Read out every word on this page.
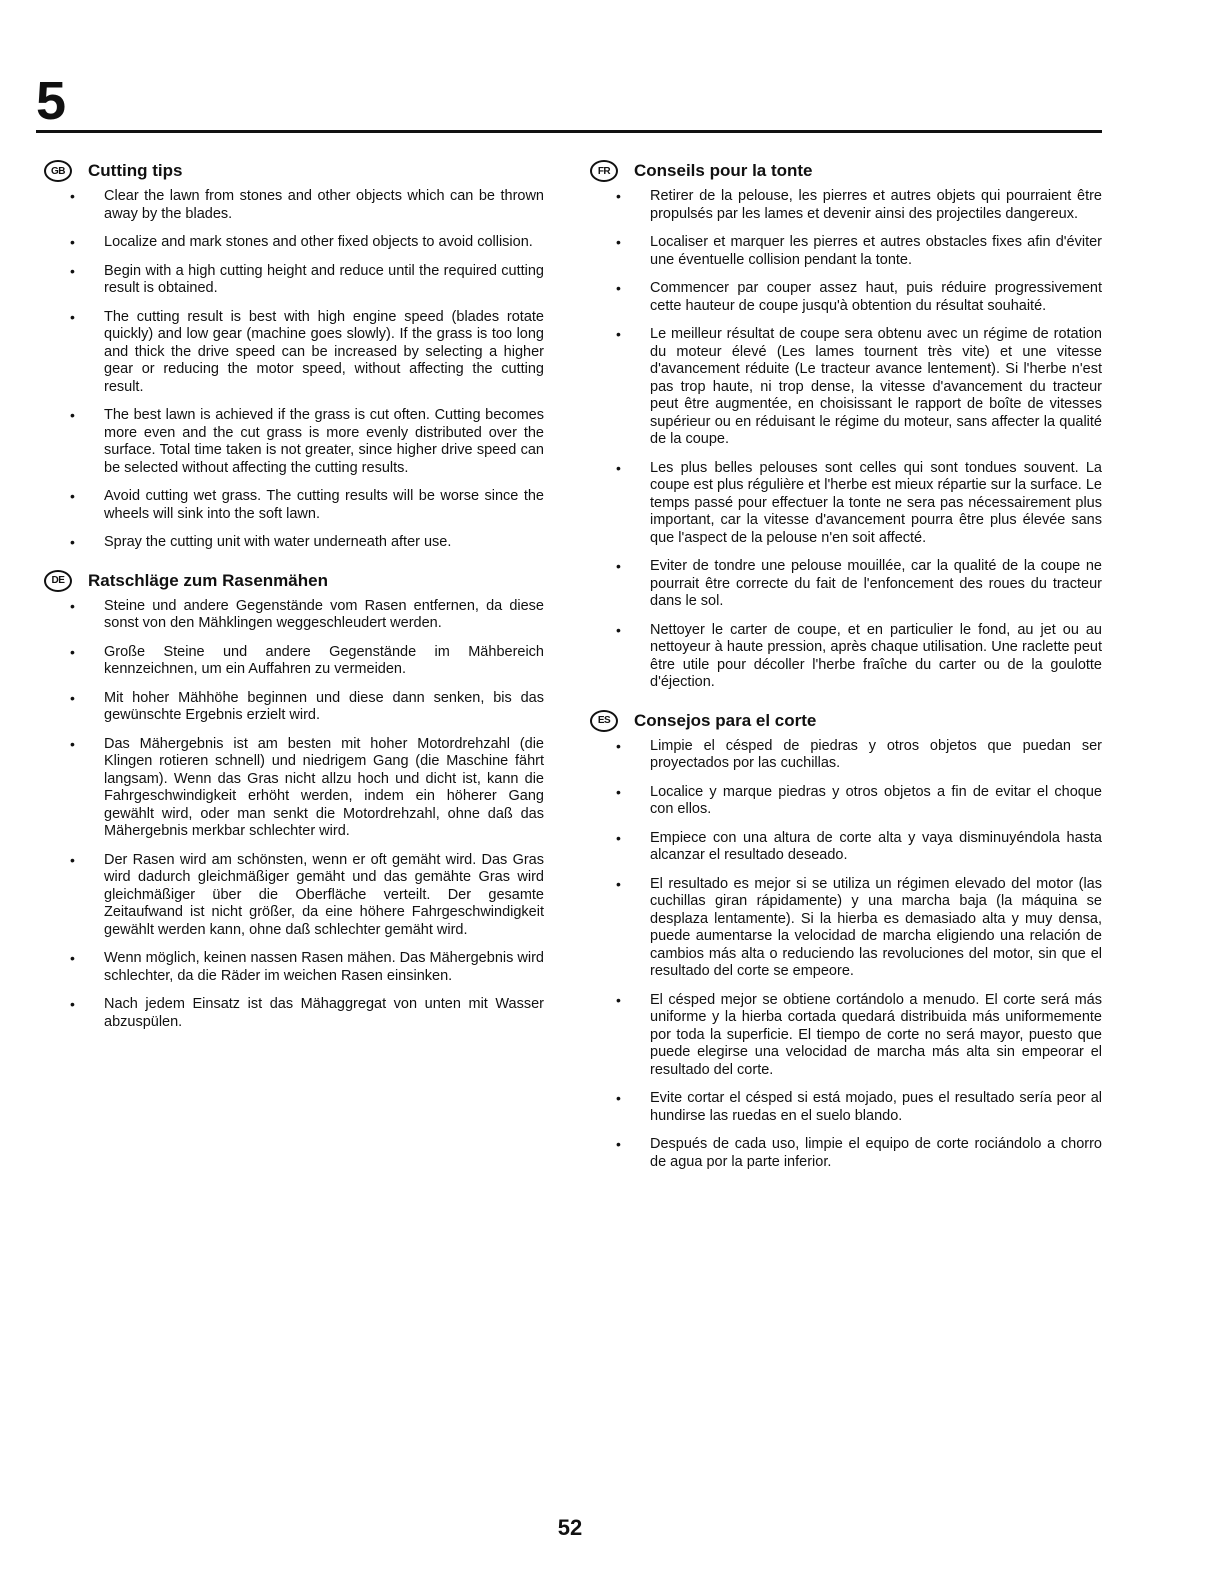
5
GB	Cutting tips
• Clear the lawn from stones and other objects which can be thrown away by the blades.
• Localize and mark stones and other fixed objects to avoid collision.
• Begin with a high cutting height and reduce until the required cutting result is obtained.
• The cutting result is best with high engine speed (blades rotate quickly) and low gear (machine goes slowly). If the grass is too long and thick the drive speed can be increased by selecting a higher gear or reducing the motor speed, without affecting the cutting result.
• The best lawn is achieved if the grass is cut often. Cutting becomes more even and the cut grass is more evenly distributed over the surface. Total time taken is not greater, since higher drive speed can be selected without affecting the cutting results.
• Avoid cutting wet grass. The cutting results will be worse since the wheels will sink into the soft lawn.
• Spray the cutting unit with water underneath after use.
DE	Ratschläge zum Rasenmähen
• Steine und andere Gegenstände vom Rasen entfernen, da diese sonst von den Mähklingen weggeschleudert werden.
• Große Steine und andere Gegenstände im Mähbereich kennzeichnen, um ein Auffahren zu vermeiden.
• Mit hoher Mähhöhe beginnen und diese dann senken, bis das gewünschte Ergebnis erzielt wird.
• Das Mähergebnis ist am besten mit hoher Motordrehzahl (die Klingen rotieren schnell) und niedrigem Gang (die Maschine fährt langsam). Wenn das Gras nicht allzu hoch und dicht ist, kann die Fahrgeschwindigkeit erhöht werden, indem ein höherer Gang gewählt wird, oder man senkt die Motordrehzahl, ohne daß das Mähergebnis merkbar schlechter wird.
• Der Rasen wird am schönsten, wenn er oft gemäht wird. Das Gras wird dadurch gleichmäßiger gemäht und das gemähte Gras wird gleichmäßiger über die Oberfläche verteilt. Der gesamte Zeitaufwand ist nicht größer, da eine höhere Fahrgeschwindigkeit gewählt werden kann, ohne daß schlechter gemäht wird.
• Wenn möglich, keinen nassen Rasen mähen. Das Mähergebnis wird schlechter, da die Räder im weichen Rasen einsinken.
• Nach jedem Einsatz ist das Mähaggregat von unten mit Wasser abzuspülen.
FR	Conseils pour la tonte
• Retirer de la pelouse, les pierres et autres objets qui pourraient être propulsés par les lames et devenir ainsi des projectiles dangereux.
• Localiser et marquer les pierres et autres obstacles fixes afin d'éviter une éventuelle collision pendant la tonte.
• Commencer par couper assez haut, puis réduire progressivement cette hauteur de coupe jusqu'à obtention du résultat souhaité.
• Le meilleur résultat de coupe sera obtenu avec un régime de rotation du moteur élevé (Les lames tournent très vite) et une vitesse d'avancement réduite (Le tracteur avance lentement). Si l'herbe n'est pas trop haute, ni trop dense, la vitesse d'avancement du tracteur peut être augmentée, en choisissant le rapport de boîte de vitesses supérieur ou en réduisant le régime du moteur, sans affecter la qualité de la coupe.
• Les plus belles pelouses sont celles qui sont tondues souvent. La coupe est plus régulière et l'herbe est mieux répartie sur la surface. Le temps passé pour effectuer la tonte ne sera pas nécessairement plus important, car la vitesse d'avancement pourra être plus élevée sans que l'aspect de la pelouse n'en soit affecté.
• Eviter de tondre une pelouse mouillée, car la qualité de la coupe ne pourrait être correcte du fait de l'enfoncement des roues du tracteur dans le sol.
• Nettoyer le carter de coupe, et en particulier le fond, au jet ou au nettoyeur à haute pression, après chaque utilisation. Une raclette peut être utile pour décoller l'herbe fraîche du carter ou de la goulotte d'éjection.
ES	Consejos para el corte
• Limpie el césped de piedras y otros objetos que puedan ser proyectados por las cuchillas.
• Localice y marque piedras y otros objetos a fin de evitar el choque con ellos.
• Empiece con una altura de corte alta y vaya disminuyéndola hasta alcanzar el resultado deseado.
• El resultado es mejor si se utiliza un régimen elevado del motor (las cuchillas giran rápidamente) y una marcha baja (la máquina se desplaza lentamente). Si la hierba es demasiado alta y muy densa, puede aumentarse la velocidad de marcha eligiendo una relación de cambios más alta o reduciendo las revoluciones del motor, sin que el resultado del corte se empeore.
• El césped mejor se obtiene cortándolo a menudo. El corte será más uniforme y la hierba cortada quedará distribuida más uniformemente por toda la superficie. El tiempo de corte no será mayor, puesto que puede elegirse una velocidad de marcha más alta sin empeorar el resultado del corte.
• Evite cortar el césped si está mojado, pues el resultado sería peor al hundirse las ruedas en el suelo blando.
• Después de cada uso, limpie el equipo de corte rociándolo a chorro de agua por la parte inferior.
52
